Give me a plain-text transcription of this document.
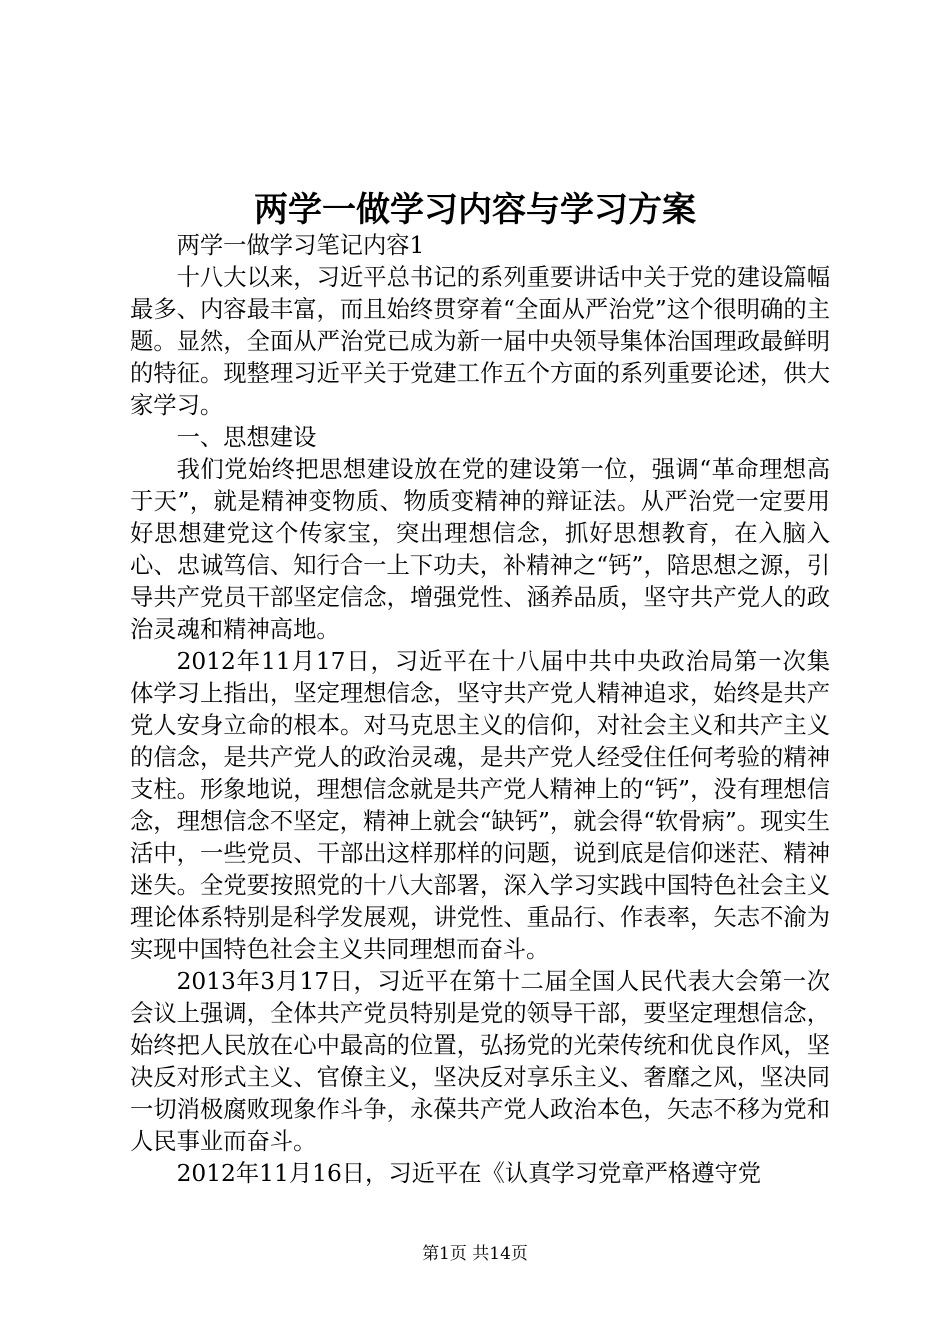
两学一做学习内容与学习方案

两学一做学习笔记内容1

十八大以来，习近平总书记的系列重要讲话中关于党的建设篇幅最多、内容最丰富，而且始终贯穿着“全面从严治党”这个很明确的主题。显然，全面从严治党已成为新一届中央领导集体治国理政最鲜明的特征。现整理习近平关于党建工作五个方面的系列重要论述，供大家学习。

一、思想建设

我们党始终把思想建设放在党的建设第一位，强调“革命理想高于天”，就是精神变物质、物质变精神的辩证法。从严治党一定要用好思想建党这个传家宝，突出理想信念，抓好思想教育，在入脑入心、忠诚笃信、知行合一上下功夫，补精神之“钙”，陪思想之源，引导共产党员干部坚定信念，增强党性、涵养品质，坚守共产党人的政治灵魂和精神高地。

2012年11月17日，习近平在十八届中共中央政治局第一次集体学习上指出，坚定理想信念，坚守共产党人精神追求，始终是共产党人安身立命的根本。对马克思主义的信仰，对社会主义和共产主义的信念，是共产党人的政治灵魂，是共产党人经受住任何考验的精神支柱。形象地说，理想信念就是共产党人精神上的“钙”，没有理想信念，理想信念不坚定，精神上就会“缺钙”，就会得“软骨病”。现实生活中，一些党员、干部出这样那样的问题，说到底是信仰迷茫、精神迷失。全党要按照党的十八大部署，深入学习实践中国特色社会主义理论体系特别是科学发展观，讲党性、重品行、作表率，矢志不渝为实现中国特色社会主义共同理想而奋斗。

2013年3月17日，习近平在第十二届全国人民代表大会第一次会议上强调，全体共产党员特别是党的领导干部，要坚定理想信念，始终把人民放在心中最高的位置，弘扬党的光荣传统和优良作风，坚决反对形式主义、官僚主义，坚决反对享乐主义、奢靡之风，坚决同一切消极腐败现象作斗争，永葆共产党人政治本色，矢志不移为党和人民事业而奋斗。

2012年11月16日，习近平在《认真学习党章严格遵守党

第1页 共14页
